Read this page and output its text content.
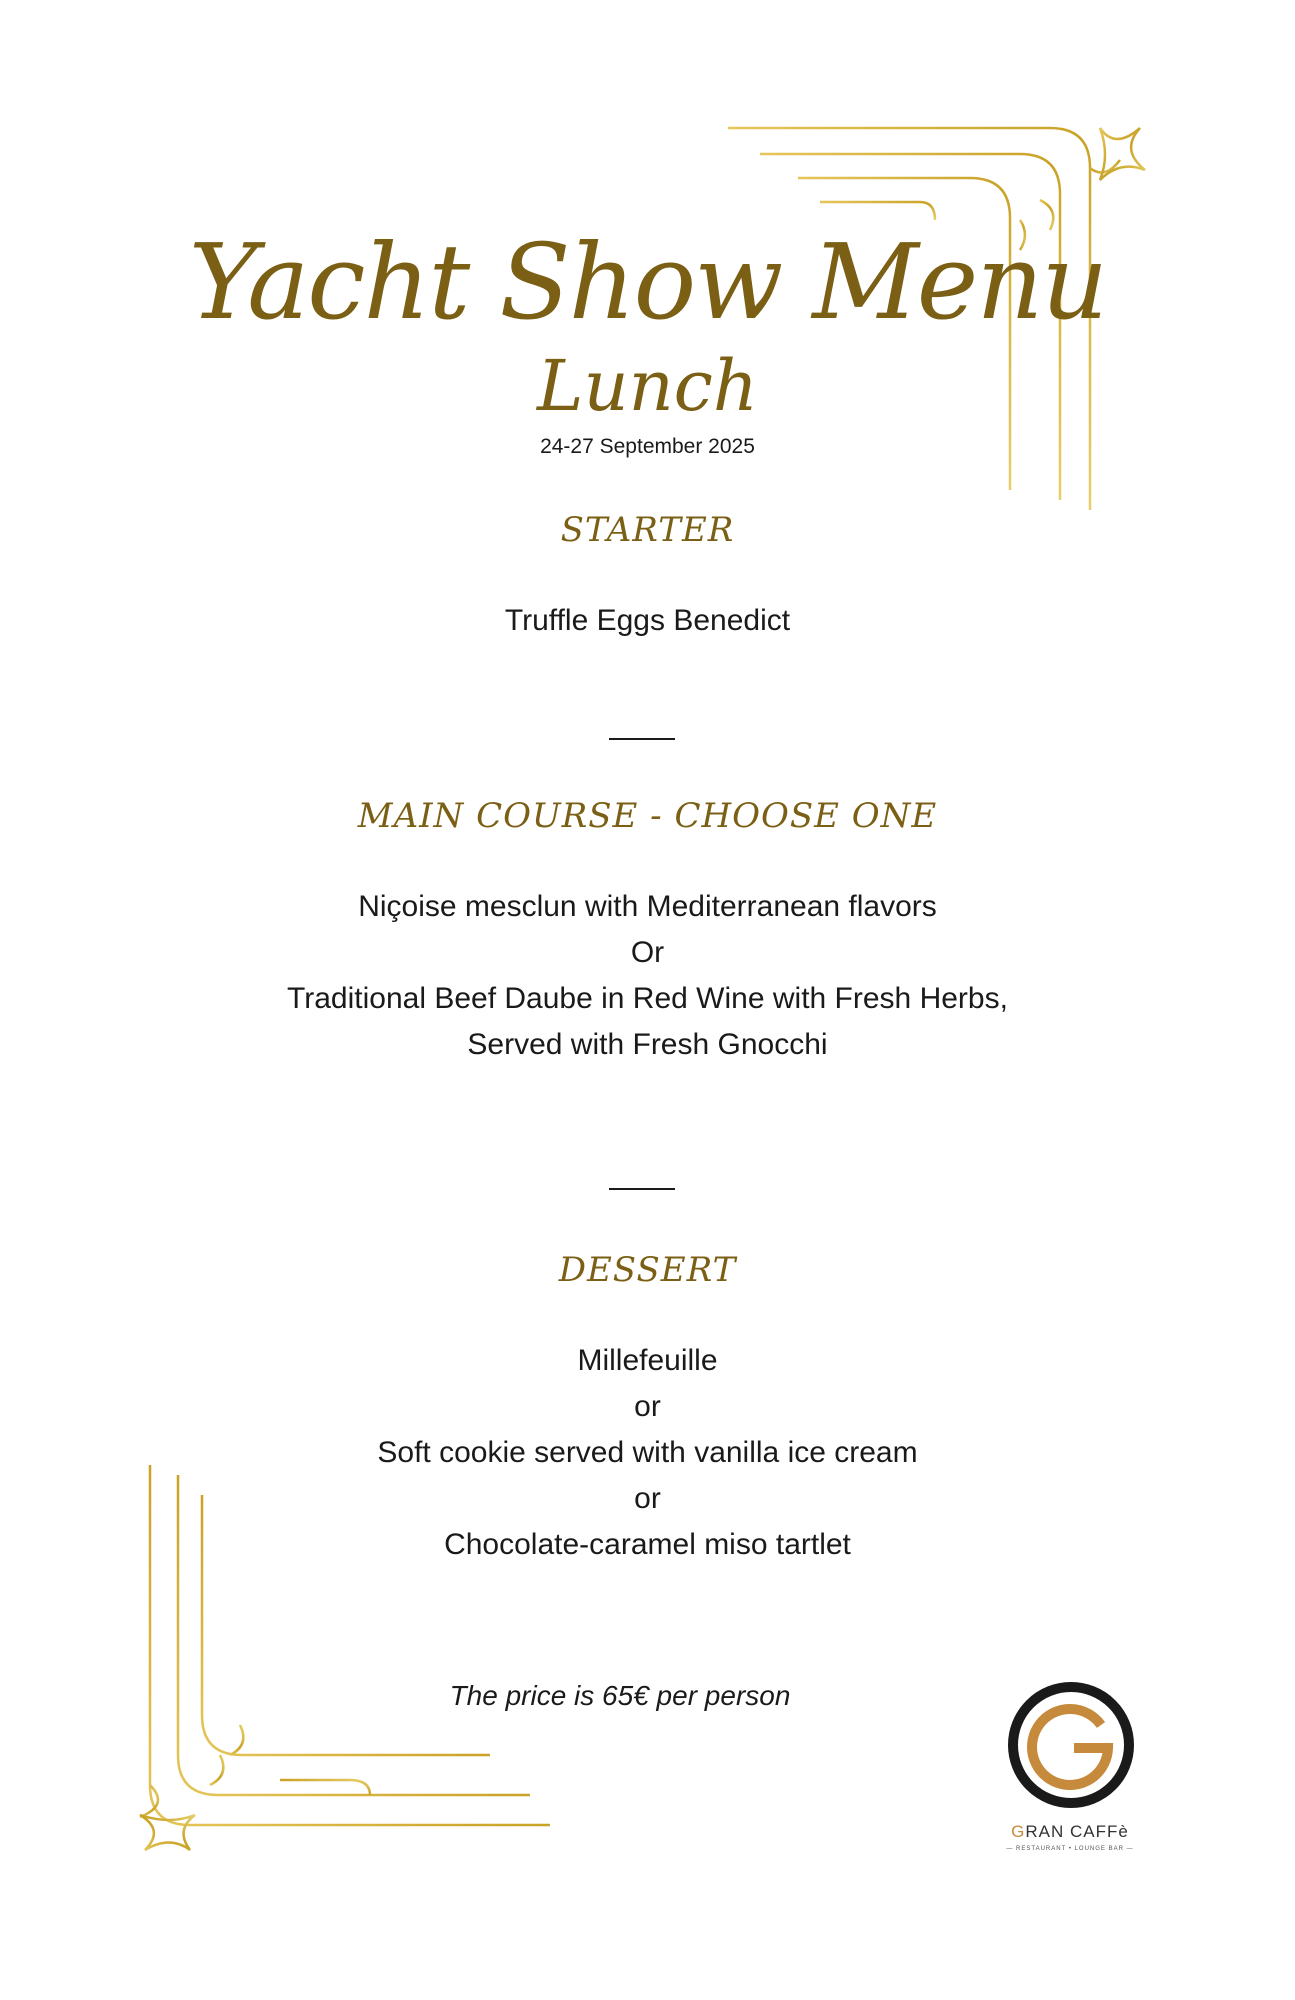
Yacht Show Menu
Lunch
24-27 September 2025
STARTER
Truffle Eggs Benedict
MAIN COURSE - CHOOSE ONE
Niçoise mesclun with Mediterranean flavors
Or
Traditional Beef Daube in Red Wine with Fresh Herbs,
Served with Fresh Gnocchi
DESSERT
Millefeuille
or
Soft cookie served with vanilla ice cream
or
Chocolate-caramel miso tartlet
The price is 65€ per person
GRAN CAFFè
— RESTAURANT • LOUNGE BAR —
